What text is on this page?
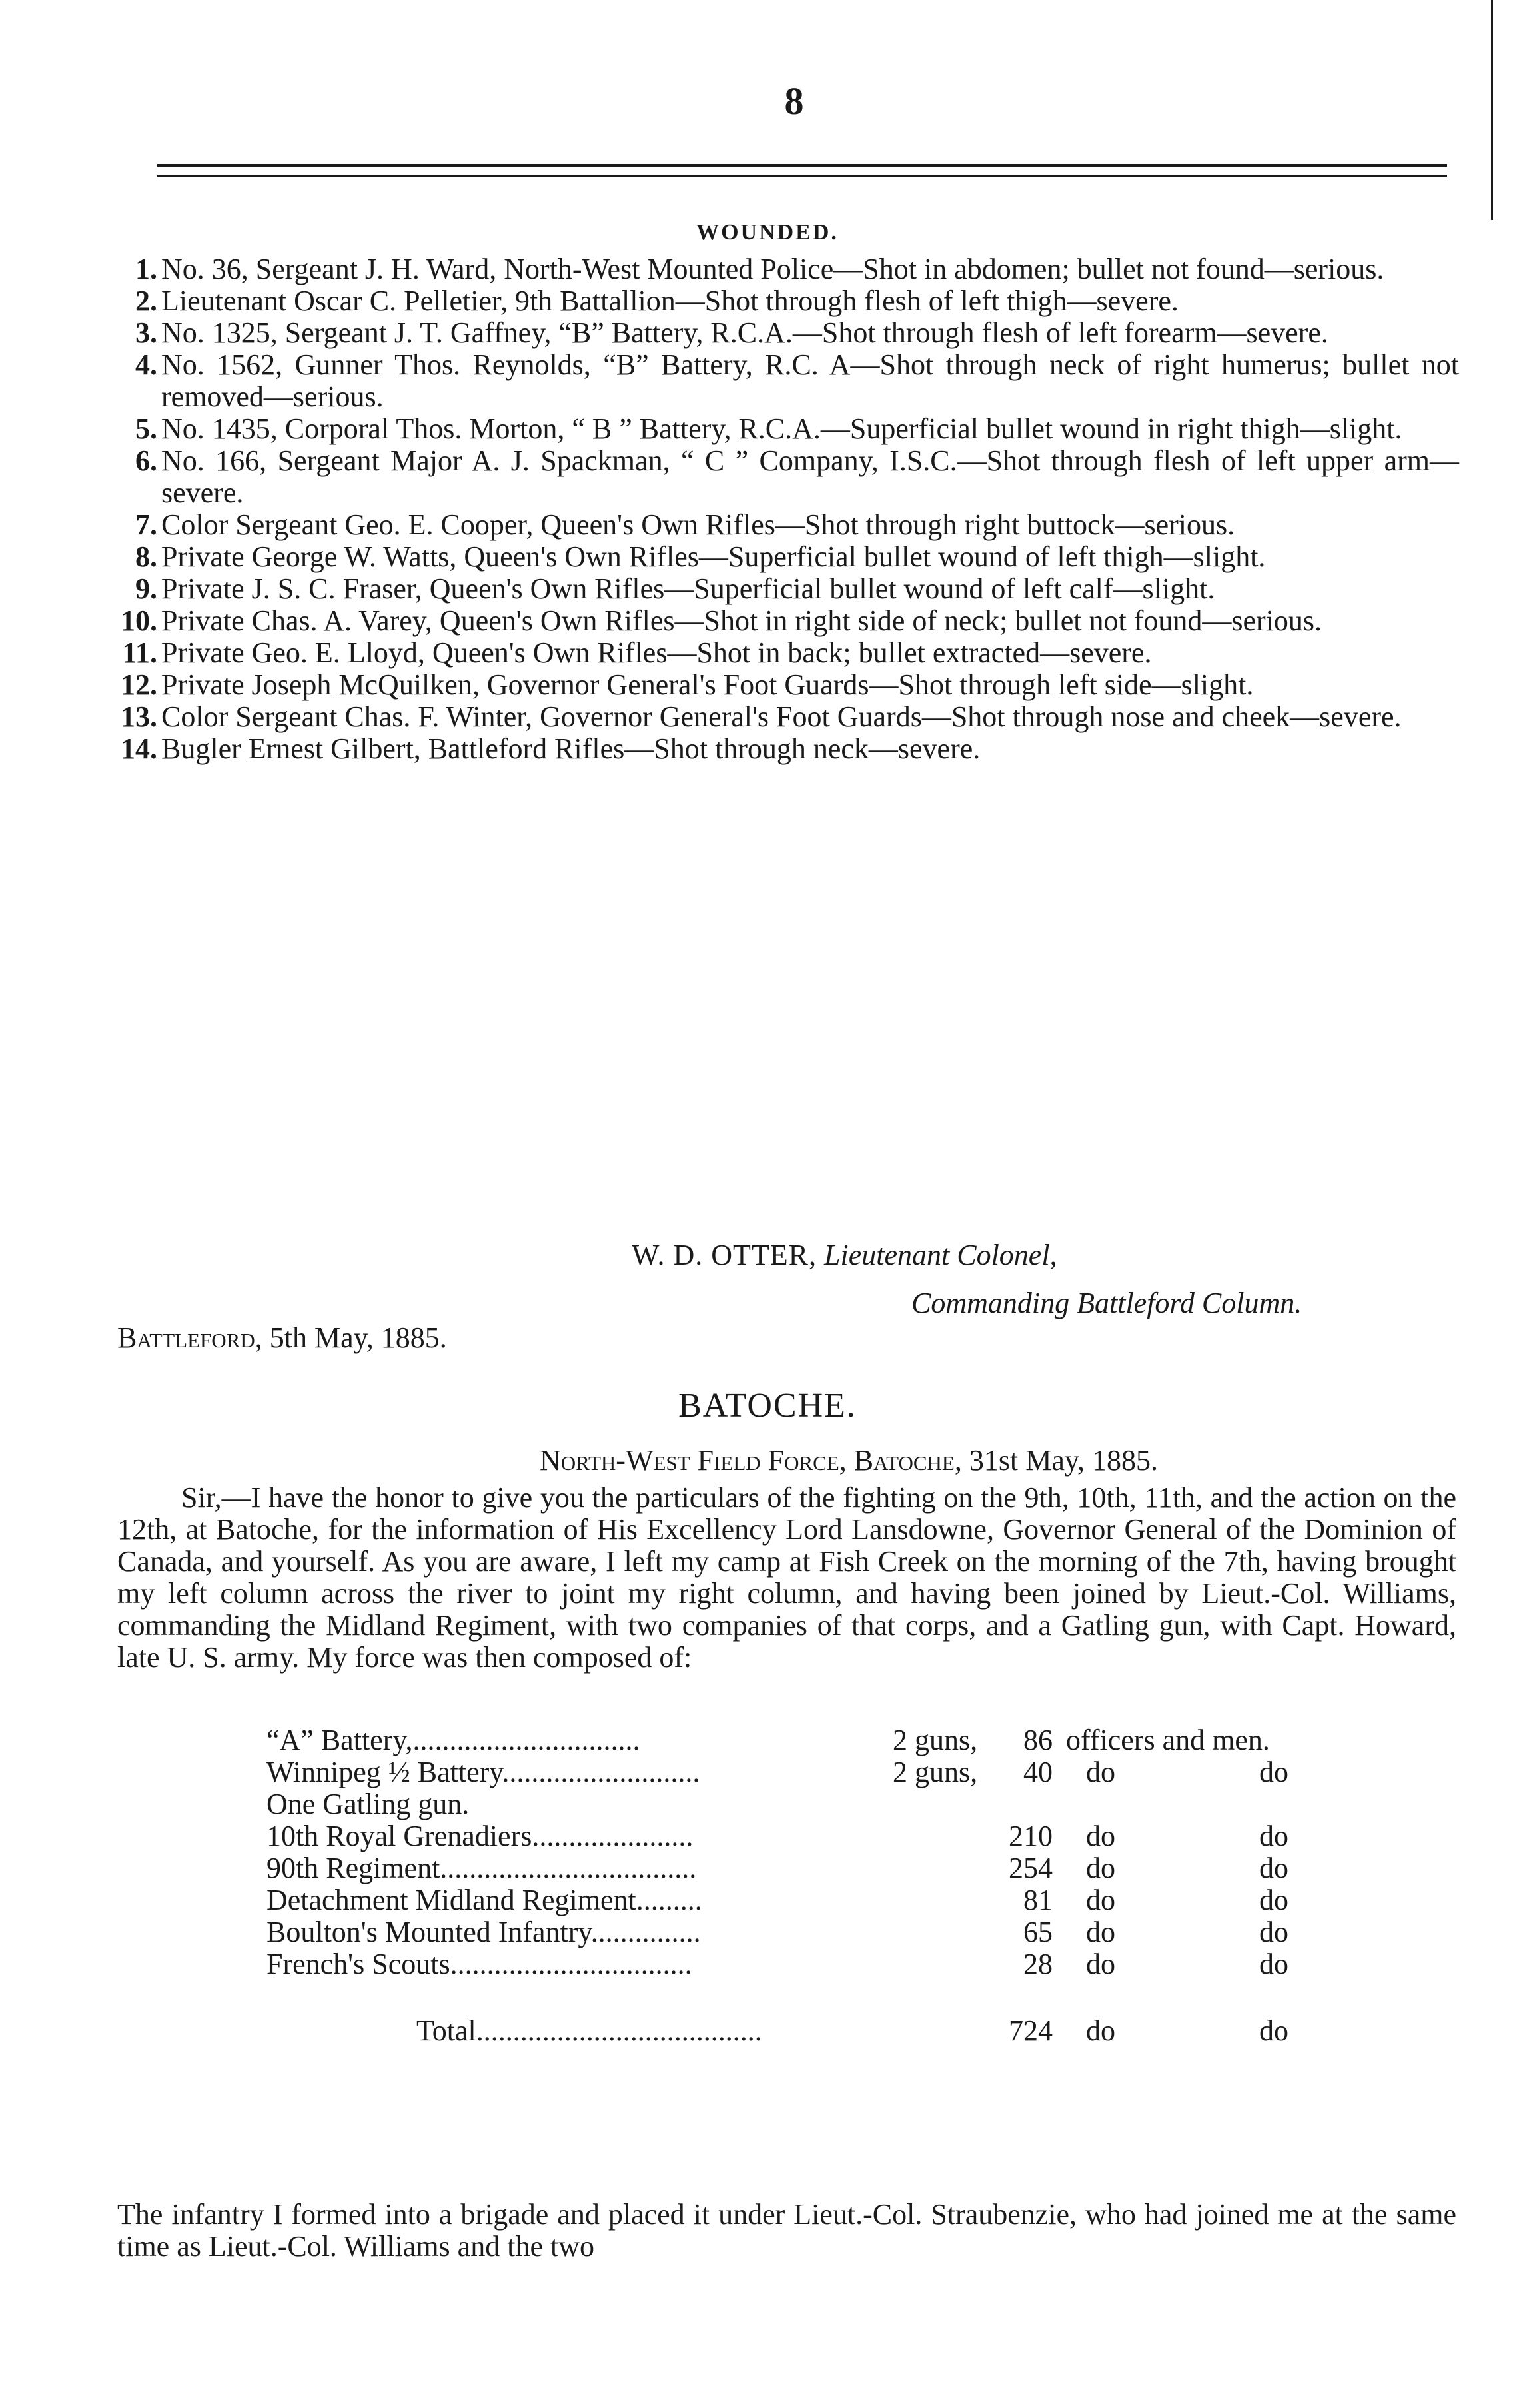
8
WOUNDED.
1. No. 36, Sergeant J. H. Ward, North-West Mounted Police—Shot in abdomen; bullet not found—serious.
2. Lieutenant Oscar C. Pelletier, 9th Battallion—Shot through flesh of left thigh—severe.
3. No. 1325, Sergeant J. T. Gaffney, “B” Battery, R.C.A.—Shot through flesh of left forearm—severe.
4. No. 1562, Gunner Thos. Reynolds, “B” Battery, R.C. A—Shot through neck of right humerus; bullet not removed—serious.
5. No. 1435, Corporal Thos. Morton, “ B ” Battery, R.C.A.—Superficial bullet wound in right thigh—slight.
6. No. 166, Sergeant Major A. J. Spackman, “ C ” Company, I.S.C.—Shot through flesh of left upper arm—severe.
7. Color Sergeant Geo. E. Cooper, Queen's Own Rifles—Shot through right buttock—serious.
8. Private George W. Watts, Queen's Own Rifles—Superficial bullet wound of left thigh—slight.
9. Private J. S. C. Fraser, Queen's Own Rifles—Superficial bullet wound of left calf—slight.
10. Private Chas. A. Varey, Queen's Own Rifles—Shot in right side of neck; bullet not found—serious.
11. Private Geo. E. Lloyd, Queen's Own Rifles—Shot in back; bullet extracted—severe.
12. Private Joseph McQuilken, Governor General's Foot Guards—Shot through left side—slight.
13. Color Sergeant Chas. F. Winter, Governor General's Foot Guards—Shot through nose and cheek—severe.
14. Bugler Ernest Gilbert, Battleford Rifles—Shot through neck—severe.
W. D. OTTER, Lieutenant Colonel,
Commanding Battleford Column.
Battleford, 5th May, 1885.
BATOCHE.
North-West Field Force, Batoche, 31st May, 1885.
Sir,—I have the honor to give you the particulars of the fighting on the 9th, 10th, 11th, and the action on the 12th, at Batoche, for the information of His Excellency Lord Lansdowne, Governor General of the Dominion of Canada, and yourself. As you are aware, I left my camp at Fish Creek on the morning of the 7th, having brought my left column across the river to joint my right column, and having been joined by Lieut.-Col. Williams, commanding the Midland Regiment, with two companies of that corps, and a Gatling gun, with Capt. Howard, late U. S. army. My force was then composed of:
“A” Battery,...............................	2 guns,	86 officers and men.
Winnipeg ½ Battery...........................	2 guns,	40 do	do
One Gatling gun.
10th Royal Grenadiers......................	210 do	do
90th Regiment...................................	254 do	do
Detachment Midland Regiment.........	81 do	do
Boulton's Mounted Infantry...............	65 do	do
French's Scouts.................................	28 do	do
Total.......................................	724 do	do
The infantry I formed into a brigade and placed it under Lieut.-Col. Straubenzie, who had joined me at the same time as Lieut.-Col. Williams and the two
